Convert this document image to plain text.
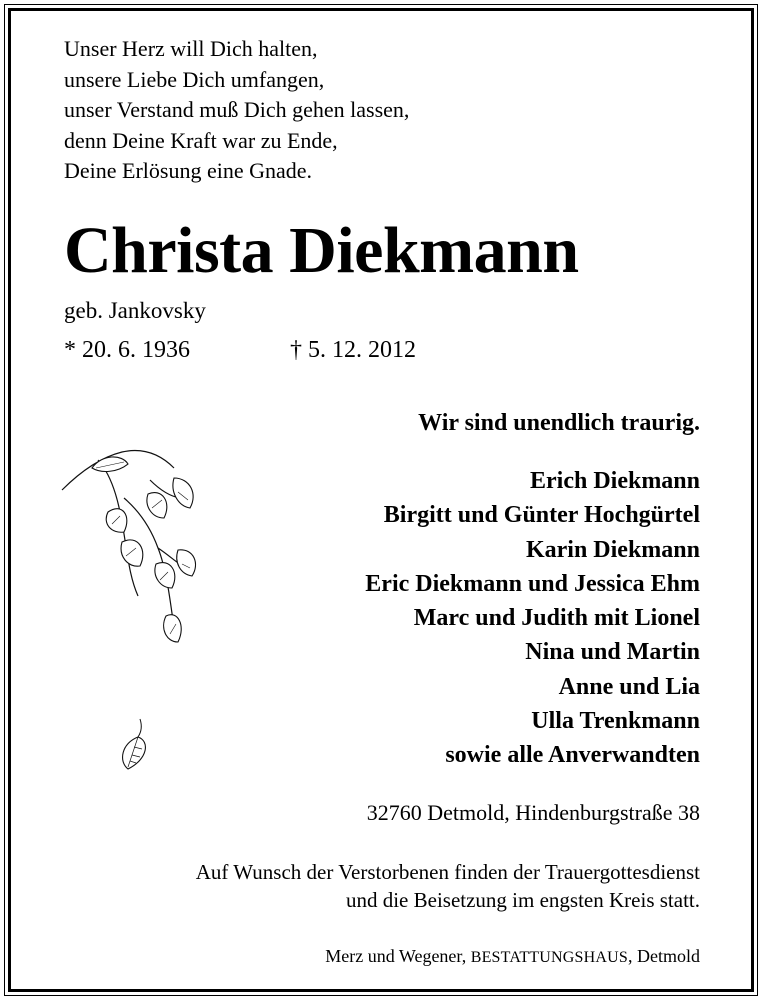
Unser Herz will Dich halten,
unsere Liebe Dich umfangen,
unser Verstand muß Dich gehen lassen,
denn Deine Kraft war zu Ende,
Deine Erlösung eine Gnade.
Christa Diekmann
geb. Jankovsky
* 20. 6. 1936	† 5. 12. 2012
Wir sind unendlich traurig.
Erich Diekmann
Birgitt und Günter Hochgürtel
Karin Diekmann
Eric Diekmann und Jessica Ehm
Marc und Judith mit Lionel
Nina und Martin
Anne und Lia
Ulla Trenkmann
sowie alle Anverwandten
32760 Detmold, Hindenburgstraße 38
Auf Wunsch der Verstorbenen finden der Trauergottesdienst
und die Beisetzung im engsten Kreis statt.
Merz und Wegener, BESTATTUNGSHAUS, Detmold
